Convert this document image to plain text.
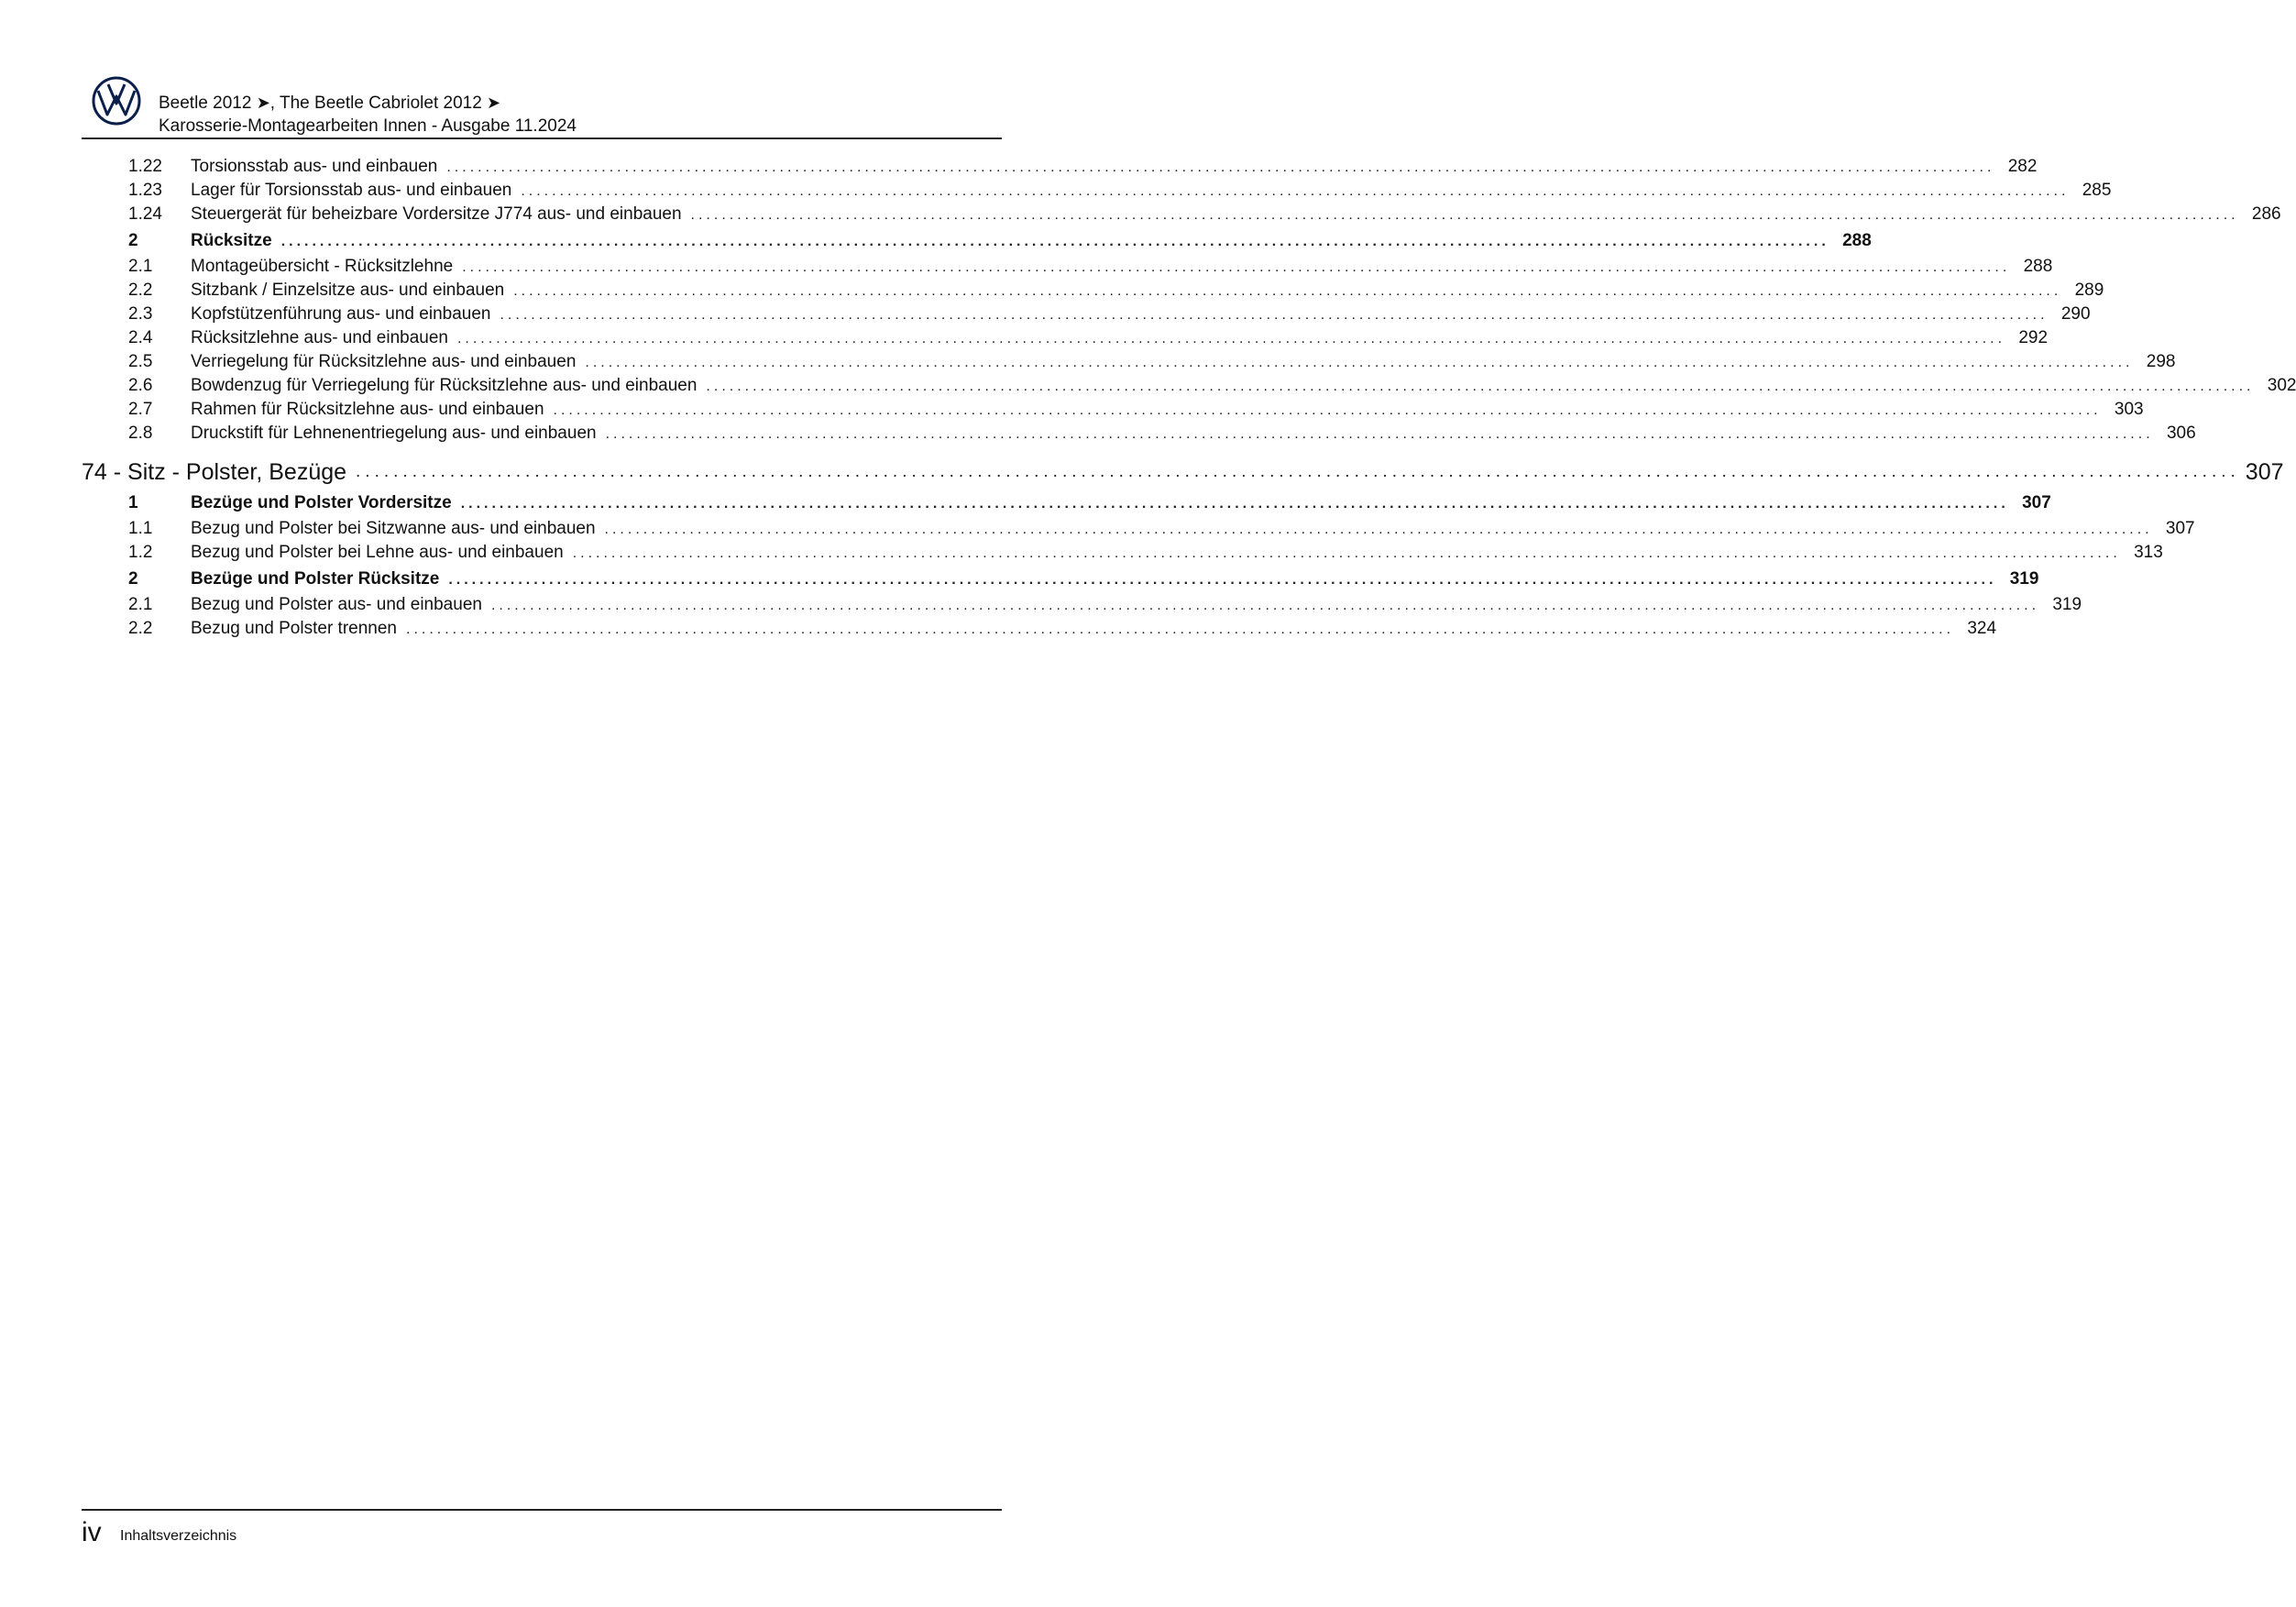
Beetle 2012 ➤, The Beetle Cabriolet 2012 ➤
Karosserie-Montagearbeiten Innen - Ausgabe 11.2024
1.22	Torsionsstab aus- und einbauen ........................................................................................................................................................................................................ 282
1.23	Lager für Torsionsstab aus- und einbauen ........................................................................................................................................................................................................ 285
1.24	Steuergerät für beheizbare Vordersitze J774 aus- und einbauen ........................................................................................................................................................................................................ 286
2	Rücksitze ........................................................................................................................................................................................................ 288
2.1	Montageübersicht - Rücksitzlehne ........................................................................................................................................................................................................ 288
2.2	Sitzbank / Einzelsitze aus- und einbauen ........................................................................................................................................................................................................ 289
2.3	Kopfstützenführung aus- und einbauen ........................................................................................................................................................................................................ 290
2.4	Rücksitzlehne aus- und einbauen ........................................................................................................................................................................................................ 292
2.5	Verriegelung für Rücksitzlehne aus- und einbauen ........................................................................................................................................................................................................ 298
2.6	Bowdenzug für Verriegelung für Rücksitzlehne aus- und einbauen ........................................................................................................................................................................................................ 302
2.7	Rahmen für Rücksitzlehne aus- und einbauen ........................................................................................................................................................................................................ 303
2.8	Druckstift für Lehnenentriegelung aus- und einbauen ........................................................................................................................................................................................................ 306
74 - Sitz - Polster, Bezüge ........................................................................................................................................................................................................ 307
1	Bezüge und Polster Vordersitze ........................................................................................................................................................................................................ 307
1.1	Bezug und Polster bei Sitzwanne aus- und einbauen ........................................................................................................................................................................................................ 307
1.2	Bezug und Polster bei Lehne aus- und einbauen ........................................................................................................................................................................................................ 313
2	Bezüge und Polster Rücksitze ........................................................................................................................................................................................................ 319
2.1	Bezug und Polster aus- und einbauen ........................................................................................................................................................................................................ 319
2.2	Bezug und Polster trennen ........................................................................................................................................................................................................ 324
iv Inhaltsverzeichnis
